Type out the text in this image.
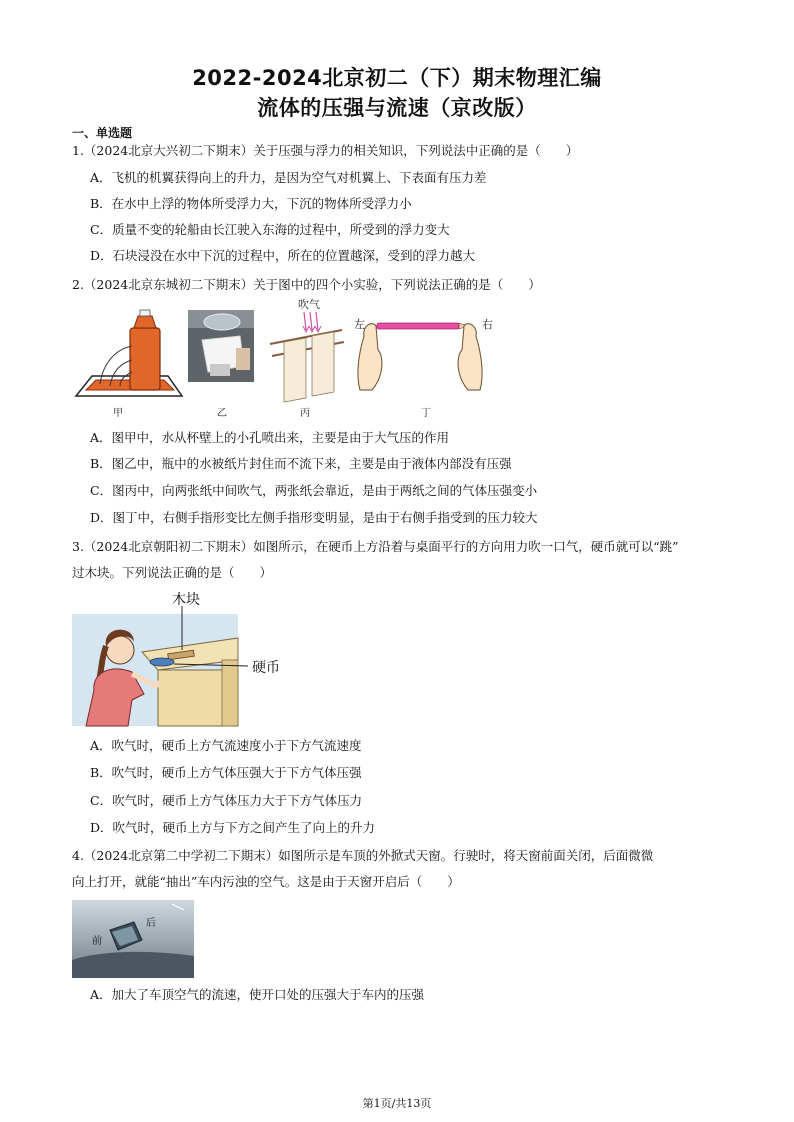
2022-2024北京初二（下）期末物理汇编
流体的压强与流速（京改版）
一、单选题
1.（2024北京大兴初二下期末）关于压强与浮力的相关知识，下列说法中正确的是（　　）
A．飞机的机翼获得向上的升力，是因为空气对机翼上、下表面有压力差
B．在水中上浮的物体所受浮力大，下沉的物体所受浮力小
C．质量不变的轮船由长江驶入东海的过程中，所受到的浮力变大
D．石块浸没在水中下沉的过程中，所在的位置越深，受到的浮力越大
2.（2024北京东城初二下期末）关于图中的四个小实验，下列说法正确的是（　　）
吹气
左	右
甲	乙	丙	丁
A．图甲中，水从杯壁上的小孔喷出来，主要是由于大气压的作用
B．图乙中，瓶中的水被纸片封住而不流下来，主要是由于液体内部没有压强
C．图丙中，向两张纸中间吹气，两张纸会靠近，是由于两纸之间的气体压强变小
D．图丁中，右侧手指形变比左侧手指形变明显，是由于右侧手指受到的压力较大
3.（2024北京朝阳初二下期末）如图所示，在硬币上方沿着与桌面平行的方向用力吹一口气，硬币就可以“跳”
过木块。下列说法正确的是（　　）
木块
硬币
A．吹气时，硬币上方气流速度小于下方气流速度
B．吹气时，硬币上方气体压强大于下方气体压强
C．吹气时，硬币上方气体压力大于下方气体压力
D．吹气时，硬币上方与下方之间产生了向上的升力
4.（2024北京第二中学初二下期末）如图所示是车顶的外掀式天窗。行驶时，将天窗前面关闭，后面微微
向上打开，就能“抽出”车内污浊的空气。这是由于天窗开启后（　　）
前
后
A．加大了车顶空气的流速，使开口处的压强大于车内的压强
第1页/共13页
